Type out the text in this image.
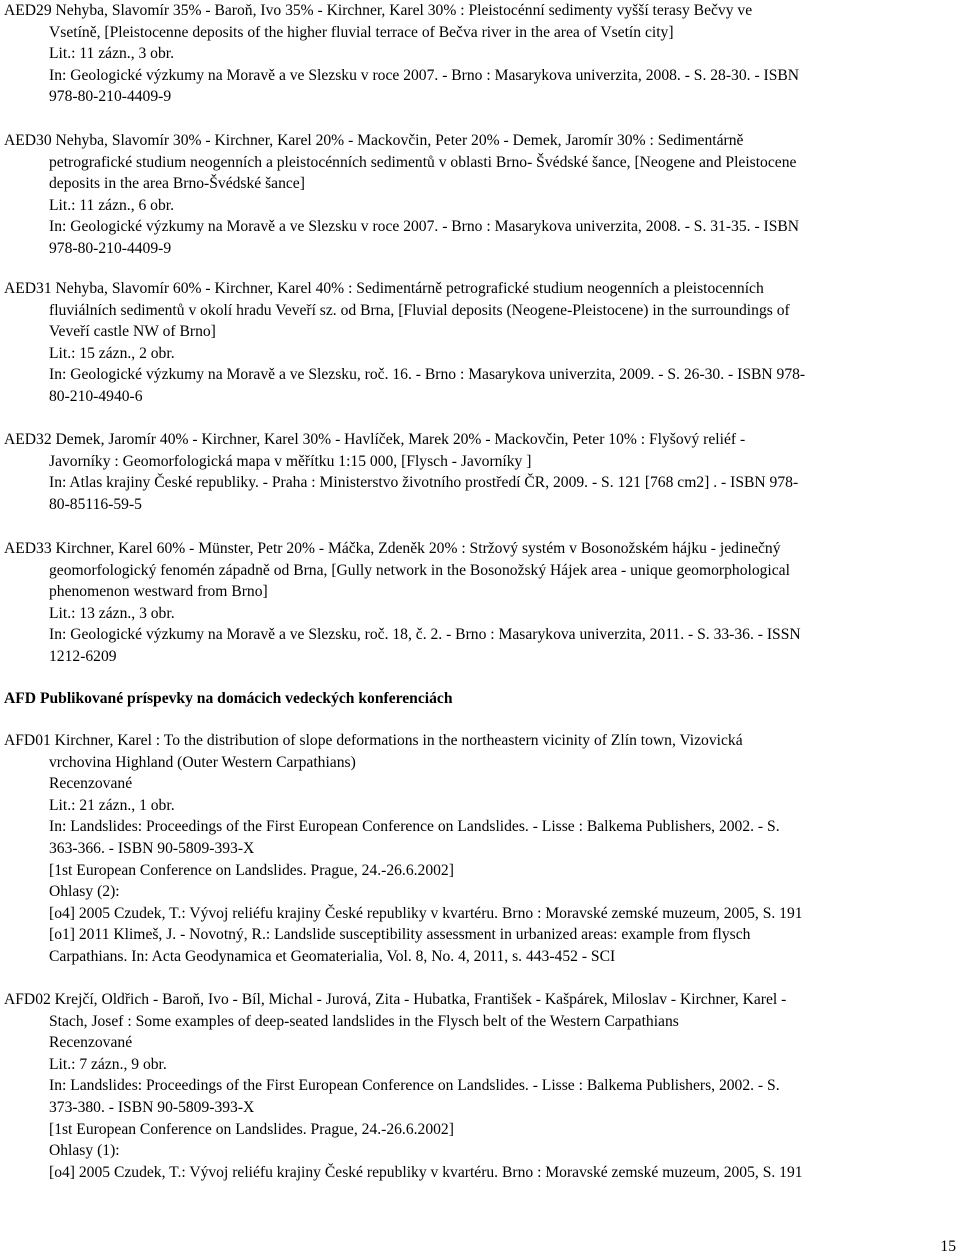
AED29 Nehyba, Slavomír 35% - Baroň, Ivo 35% - Kirchner, Karel 30% : Pleistocénní sedimenty vyšší terasy Bečvy ve
Vsetíně, [Pleistocenne deposits of the higher fluvial terrace of Bečva river in the area of Vsetín city]
Lit.: 11 zázn., 3 obr.
In: Geologické výzkumy na Moravě a ve Slezsku v roce 2007. - Brno : Masarykova univerzita, 2008. - S. 28-30. - ISBN
978-80-210-4409-9
AED30 Nehyba, Slavomír 30% - Kirchner, Karel 20% - Mackovčin, Peter 20% - Demek, Jaromír 30% : Sedimentárně
petrografické studium neogenních a pleistocénních sedimentů v oblasti Brno- Švédské šance, [Neogene and Pleistocene
deposits in the area Brno-Švédské šance]
Lit.: 11 zázn., 6 obr.
In: Geologické výzkumy na Moravě a ve Slezsku v roce 2007. - Brno : Masarykova univerzita, 2008. - S. 31-35. - ISBN
978-80-210-4409-9
AED31 Nehyba, Slavomír 60% - Kirchner, Karel 40% : Sedimentárně petrografické studium neogenních a pleistocenních
fluviálních sedimentů v okolí hradu Veveří sz. od Brna, [Fluvial deposits (Neogene-Pleistocene) in the surroundings of
Veveří castle NW of Brno]
Lit.: 15 zázn., 2 obr.
In: Geologické výzkumy na Moravě a ve Slezsku, roč. 16. - Brno : Masarykova univerzita, 2009. - S. 26-30. - ISBN 978-
80-210-4940-6
AED32 Demek, Jaromír 40% - Kirchner, Karel 30% - Havlíček, Marek 20% - Mackovčin, Peter 10% : Flyšový reliéf -
Javorníky : Geomorfologická mapa v měřítku 1:15 000, [Flysch - Javorníky ]
In: Atlas krajiny České republiky. - Praha : Ministerstvo životního prostředí ČR, 2009. - S. 121 [768 cm2] . - ISBN 978-
80-85116-59-5
AED33 Kirchner, Karel 60% - Münster, Petr 20% - Máčka, Zdeněk 20% : Stržový systém v Bosonožském hájku - jedinečný
geomorfologický fenomén západně od Brna, [Gully network in the Bosonožský Hájek area - unique geomorphological
phenomenon westward from Brno]
Lit.: 13 zázn., 3 obr.
In: Geologické výzkumy na Moravě a ve Slezsku, roč. 18, č. 2. - Brno : Masarykova univerzita, 2011. - S. 33-36. - ISSN
1212-6209
AFD Publikované príspevky na domácich vedeckých konferenciách
AFD01 Kirchner, Karel : To the distribution of slope deformations in the northeastern vicinity of Zlín town, Vizovická
vrchovina Highland (Outer Western Carpathians)
Recenzované
Lit.: 21 zázn., 1 obr.
In: Landslides: Proceedings of the First European Conference on Landslides. - Lisse : Balkema Publishers, 2002. - S.
363-366. - ISBN 90-5809-393-X
[1st European Conference on Landslides. Prague, 24.-26.6.2002]
Ohlasy (2):
[o4] 2005 Czudek, T.: Vývoj reliéfu krajiny České republiky v kvartéru. Brno : Moravské zemské muzeum, 2005, S. 191
[o1] 2011 Klimeš, J. - Novotný, R.: Landslide susceptibility assessment in urbanized areas: example from flysch
Carpathians. In: Acta Geodynamica et Geomaterialia, Vol. 8, No. 4, 2011, s. 443-452 - SCI
AFD02 Krejčí, Oldřich - Baroň, Ivo - Bíl, Michal - Jurová, Zita - Hubatka, František - Kašpárek, Miloslav - Kirchner, Karel -
Stach, Josef : Some examples of deep-seated landslides in the Flysch belt of the Western Carpathians
Recenzované
Lit.: 7 zázn., 9 obr.
In: Landslides: Proceedings of the First European Conference on Landslides. - Lisse : Balkema Publishers, 2002. - S.
373-380. - ISBN 90-5809-393-X
[1st European Conference on Landslides. Prague, 24.-26.6.2002]
Ohlasy (1):
[o4] 2005 Czudek, T.: Vývoj reliéfu krajiny České republiky v kvartéru. Brno : Moravské zemské muzeum, 2005, S. 191
15
